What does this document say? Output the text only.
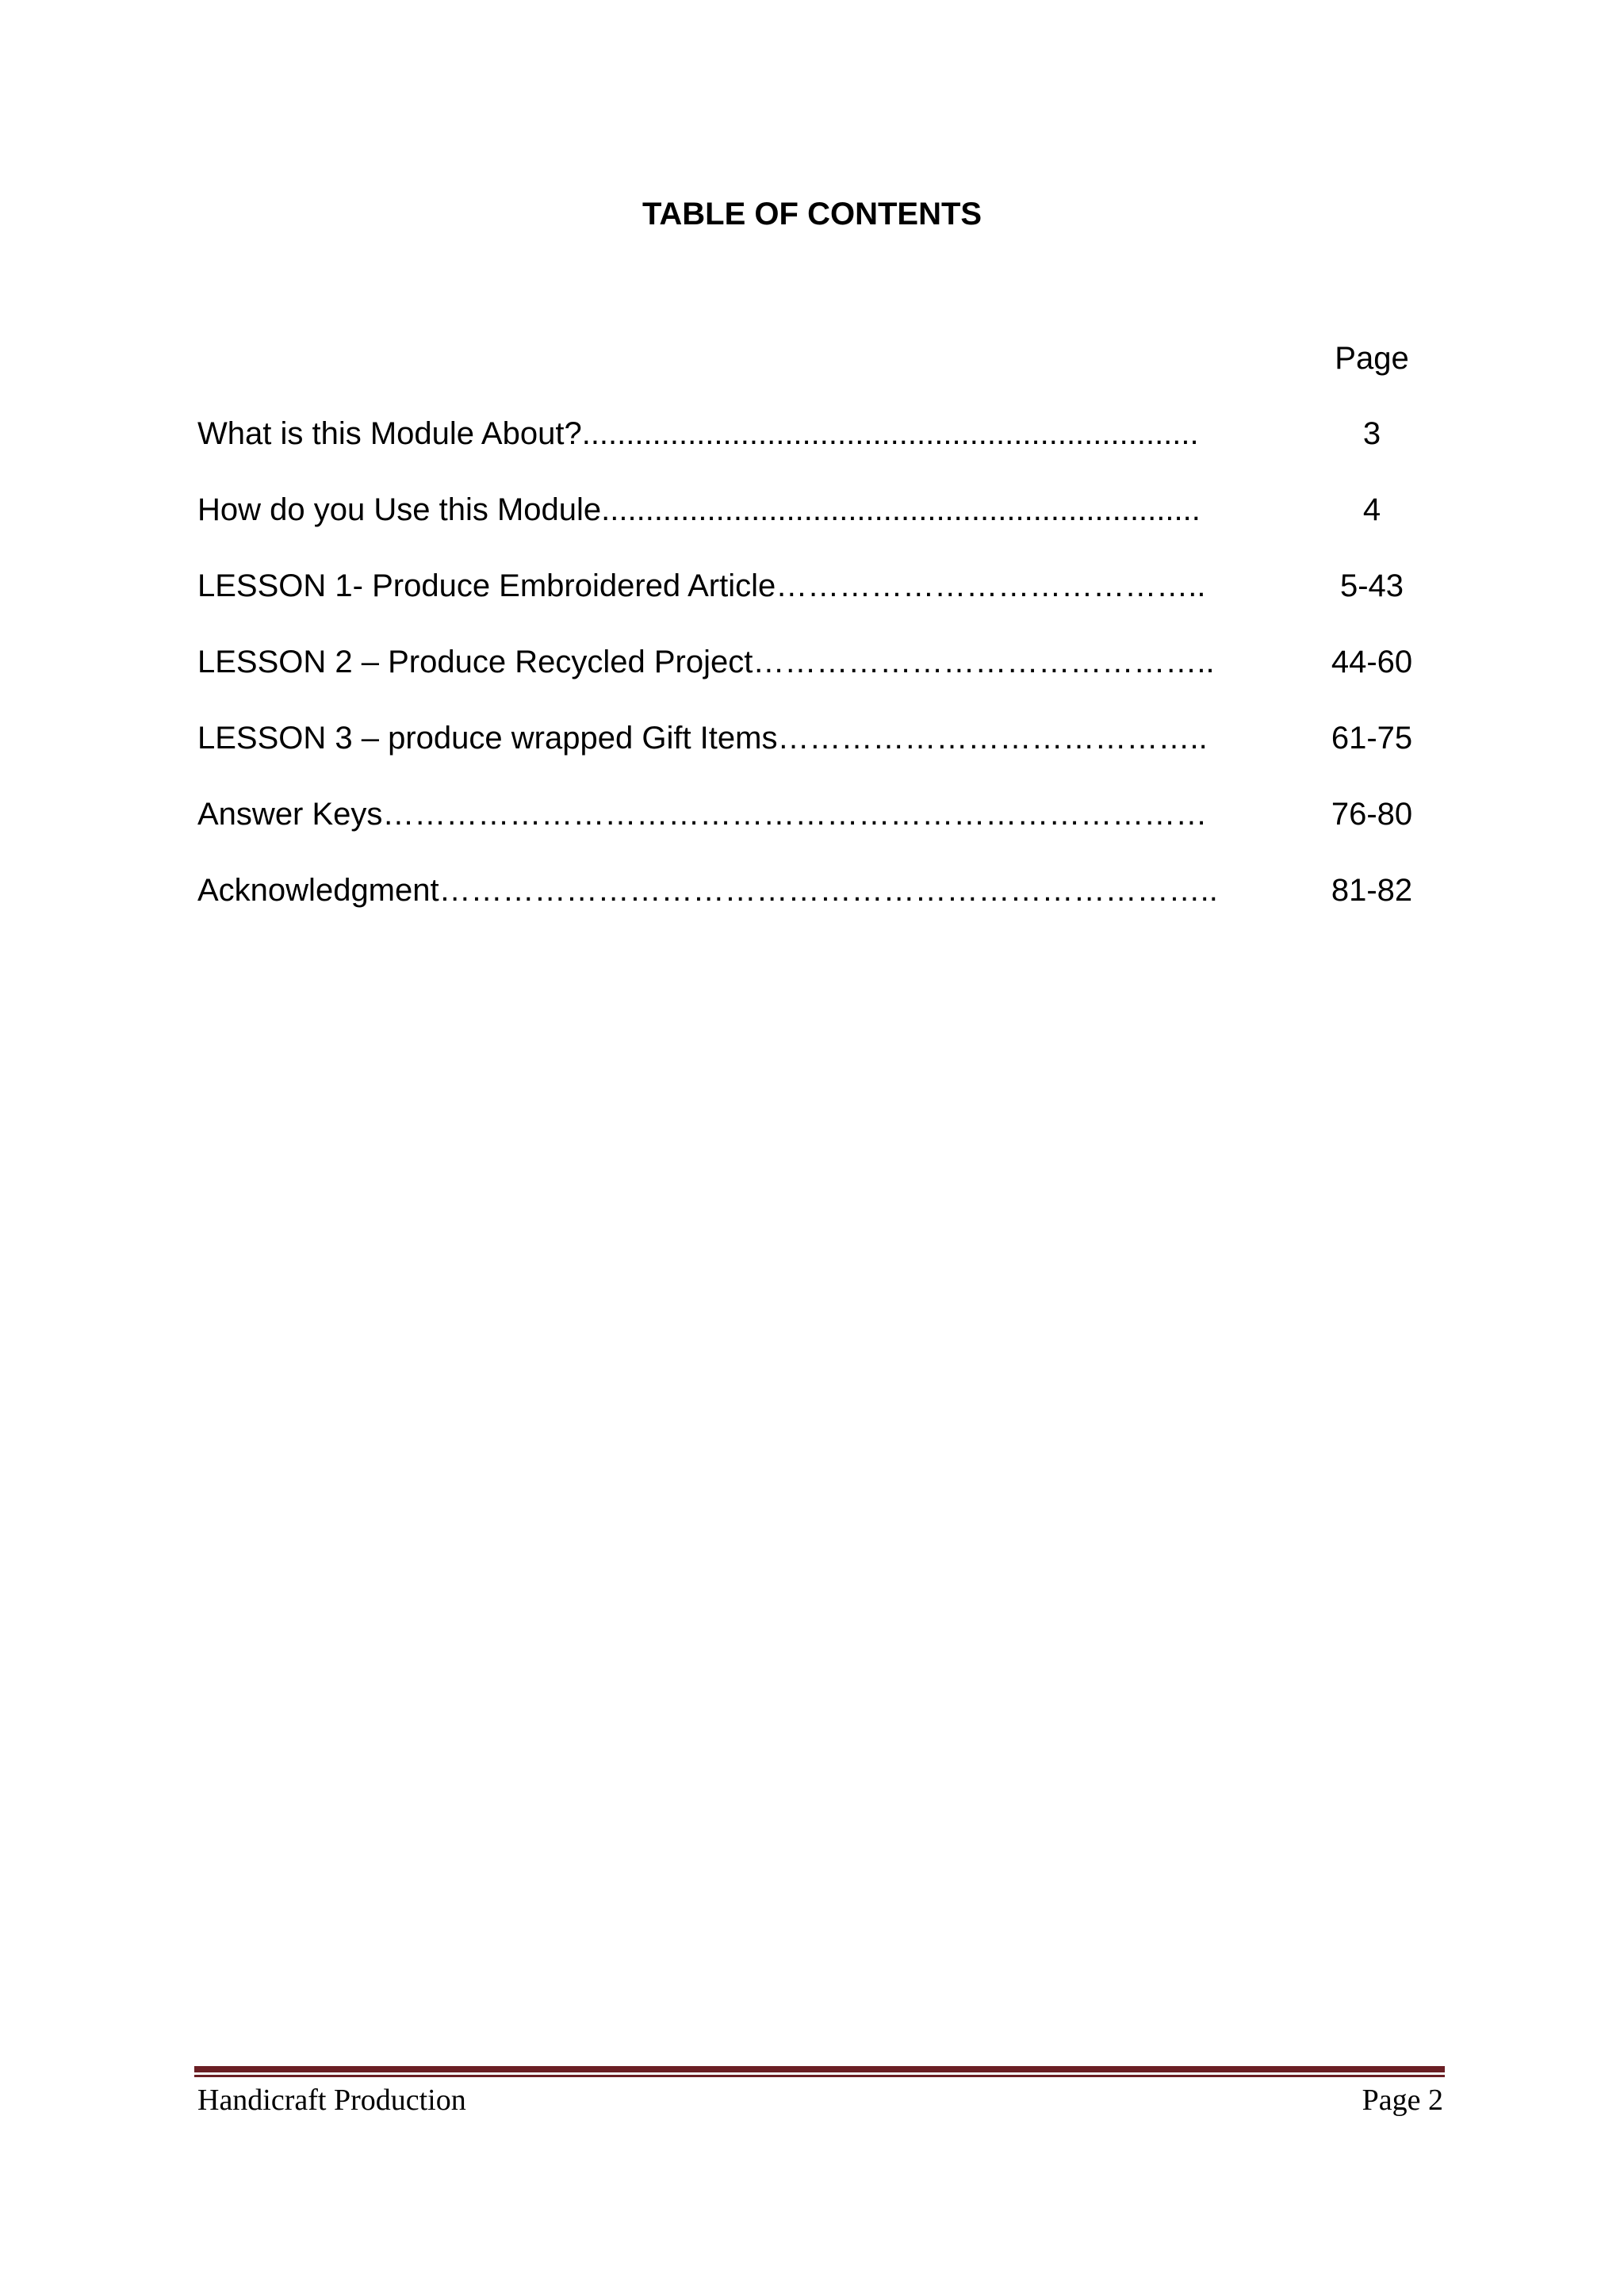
TABLE OF CONTENTS
Page
What is this Module About?......................................................................	3
How do you Use this Module....................................................................	4
LESSON 1- Produce Embroidered Article…………………………………..	5-43
LESSON 2 – Produce Recycled Project……………………………………..	44-60
LESSON 3 – produce wrapped Gift Items…………………………………..	61-75
Answer Keys……………………………………………………………………	76-80
Acknowledgment………………………………………………………………..	81-82
Handicraft Production	Page 2
